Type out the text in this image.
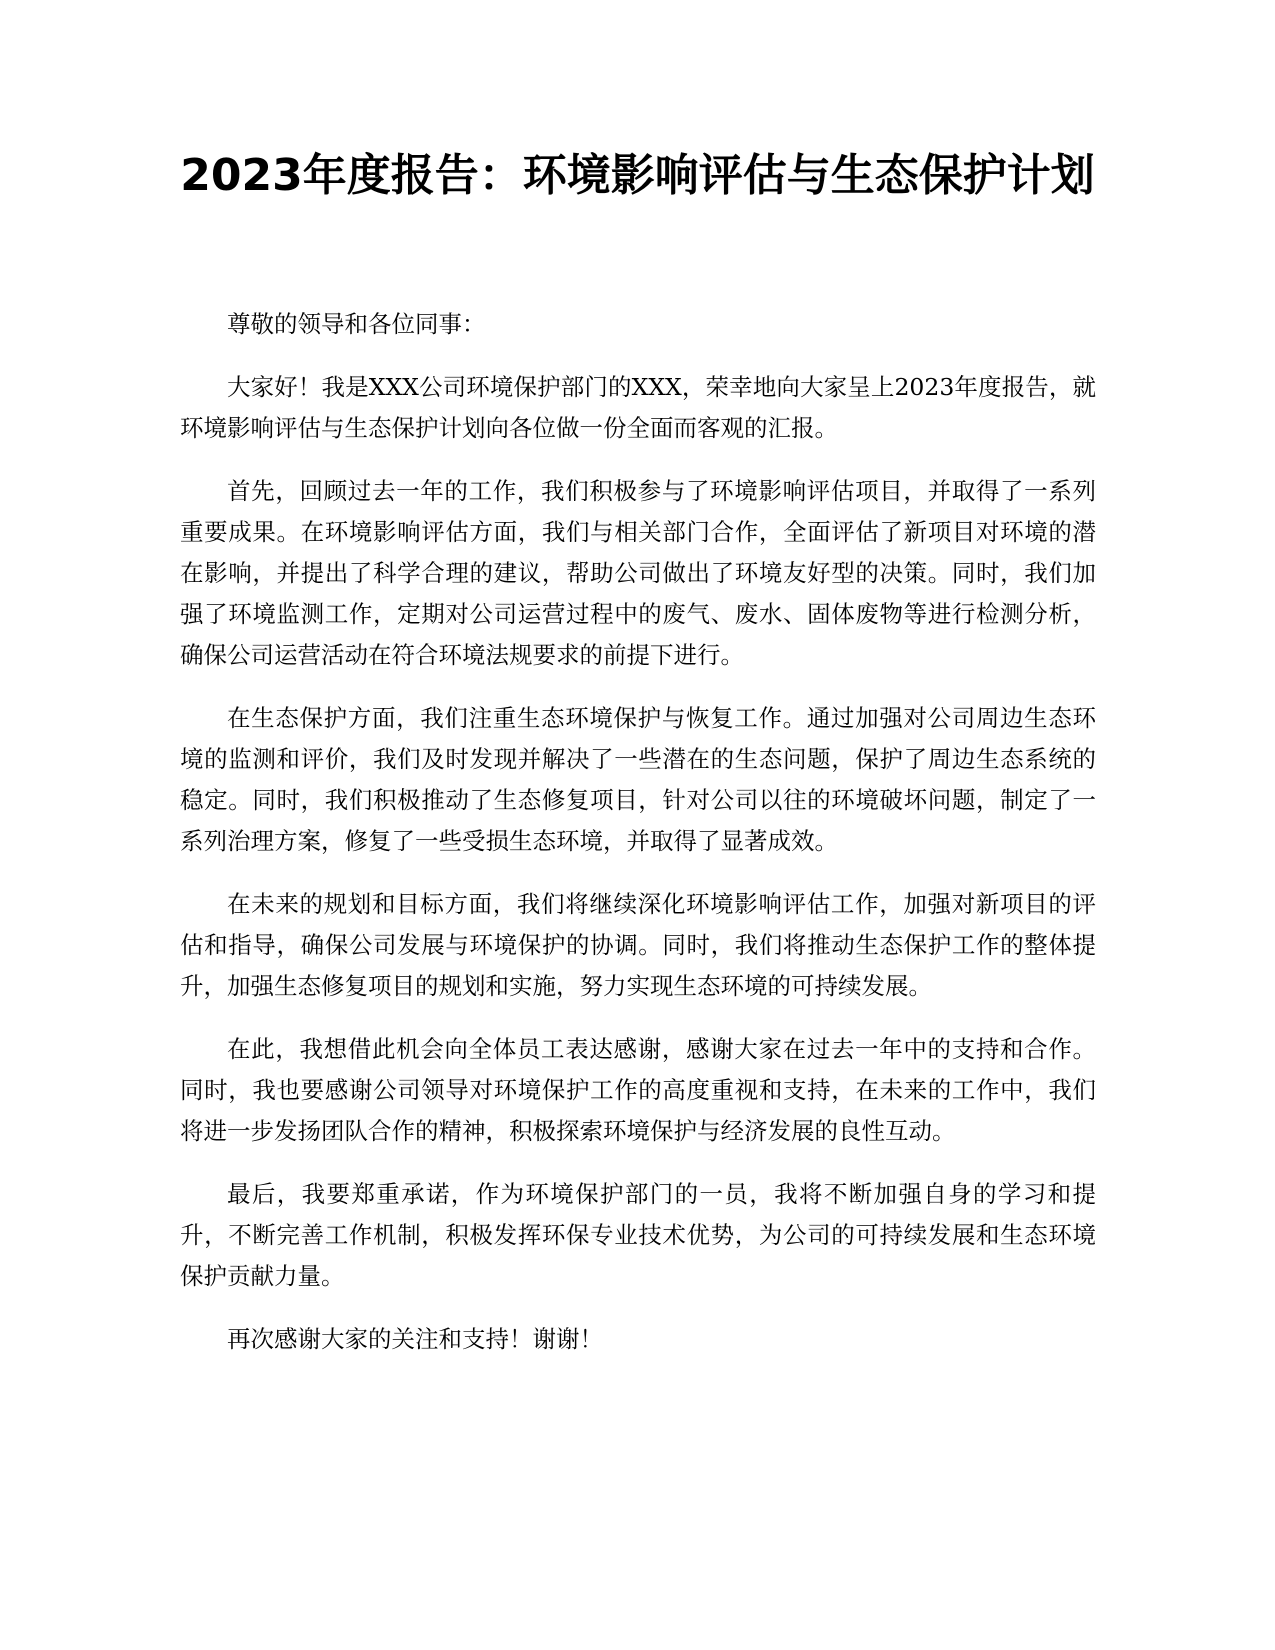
2023年度报告：环境影响评估与生态保护计划

尊敬的领导和各位同事：

大家好！我是XXX公司环境保护部门的XXX，荣幸地向大家呈上2023年度报告，就环境影响评估与生态保护计划向各位做一份全面而客观的汇报。

首先，回顾过去一年的工作，我们积极参与了环境影响评估项目，并取得了一系列重要成果。在环境影响评估方面，我们与相关部门合作，全面评估了新项目对环境的潜在影响，并提出了科学合理的建议，帮助公司做出了环境友好型的决策。同时，我们加强了环境监测工作，定期对公司运营过程中的废气、废水、固体废物等进行检测分析，确保公司运营活动在符合环境法规要求的前提下进行。

在生态保护方面，我们注重生态环境保护与恢复工作。通过加强对公司周边生态环境的监测和评价，我们及时发现并解决了一些潜在的生态问题，保护了周边生态系统的稳定。同时，我们积极推动了生态修复项目，针对公司以往的环境破坏问题，制定了一系列治理方案，修复了一些受损生态环境，并取得了显著成效。

在未来的规划和目标方面，我们将继续深化环境影响评估工作，加强对新项目的评估和指导，确保公司发展与环境保护的协调。同时，我们将推动生态保护工作的整体提升，加强生态修复项目的规划和实施，努力实现生态环境的可持续发展。

在此，我想借此机会向全体员工表达感谢，感谢大家在过去一年中的支持和合作。同时，我也要感谢公司领导对环境保护工作的高度重视和支持，在未来的工作中，我们将进一步发扬团队合作的精神，积极探索环境保护与经济发展的良性互动。

最后，我要郑重承诺，作为环境保护部门的一员，我将不断加强自身的学习和提升，不断完善工作机制，积极发挥环保专业技术优势，为公司的可持续发展和生态环境保护贡献力量。

再次感谢大家的关注和支持！谢谢！
